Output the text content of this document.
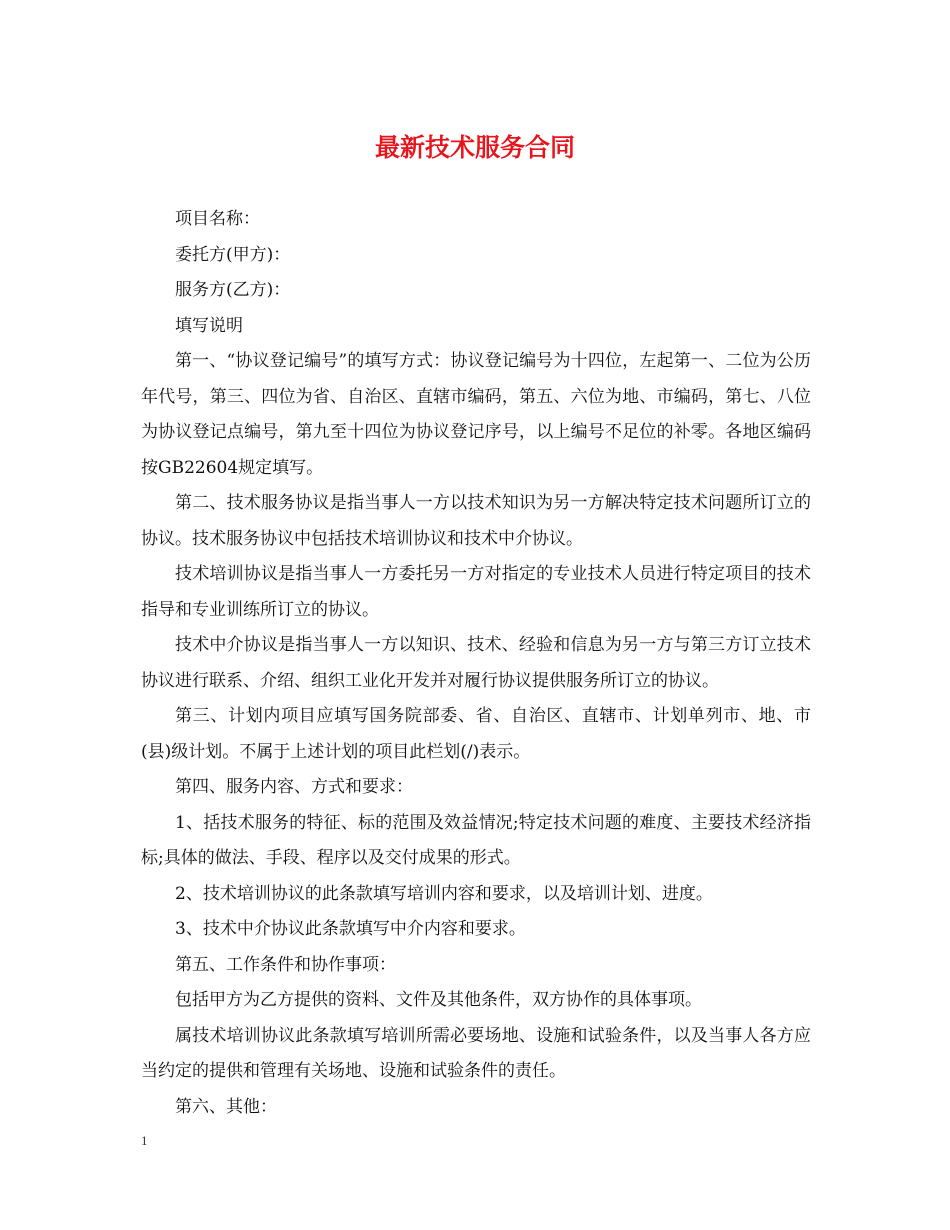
最新技术服务合同

项目名称：

委托方(甲方)：

服务方(乙方)：

填写说明

第一、“协议登记编号”的填写方式：协议登记编号为十四位，左起第一、二位为公历年代号，第三、四位为省、自治区、直辖市编码，第五、六位为地、市编码，第七、八位为协议登记点编号，第九至十四位为协议登记序号，以上编号不足位的补零。各地区编码按GB22604规定填写。

第二、技术服务协议是指当事人一方以技术知识为另一方解决特定技术问题所订立的协议。技术服务协议中包括技术培训协议和技术中介协议。

技术培训协议是指当事人一方委托另一方对指定的专业技术人员进行特定项目的技术指导和专业训练所订立的协议。

技术中介协议是指当事人一方以知识、技术、经验和信息为另一方与第三方订立技术协议进行联系、介绍、组织工业化开发并对履行协议提供服务所订立的协议。

第三、计划内项目应填写国务院部委、省、自治区、直辖市、计划单列市、地、市(县)级计划。不属于上述计划的项目此栏划(/)表示。

第四、服务内容、方式和要求：

1、括技术服务的特征、标的范围及效益情况;特定技术问题的难度、主要技术经济指标;具体的做法、手段、程序以及交付成果的形式。

2、技术培训协议的此条款填写培训内容和要求，以及培训计划、进度。

3、技术中介协议此条款填写中介内容和要求。

第五、工作条件和协作事项：

包括甲方为乙方提供的资料、文件及其他条件，双方协作的具体事项。

属技术培训协议此条款填写培训所需必要场地、设施和试验条件，以及当事人各方应当约定的提供和管理有关场地、设施和试验条件的责任。

第六、其他：

1
